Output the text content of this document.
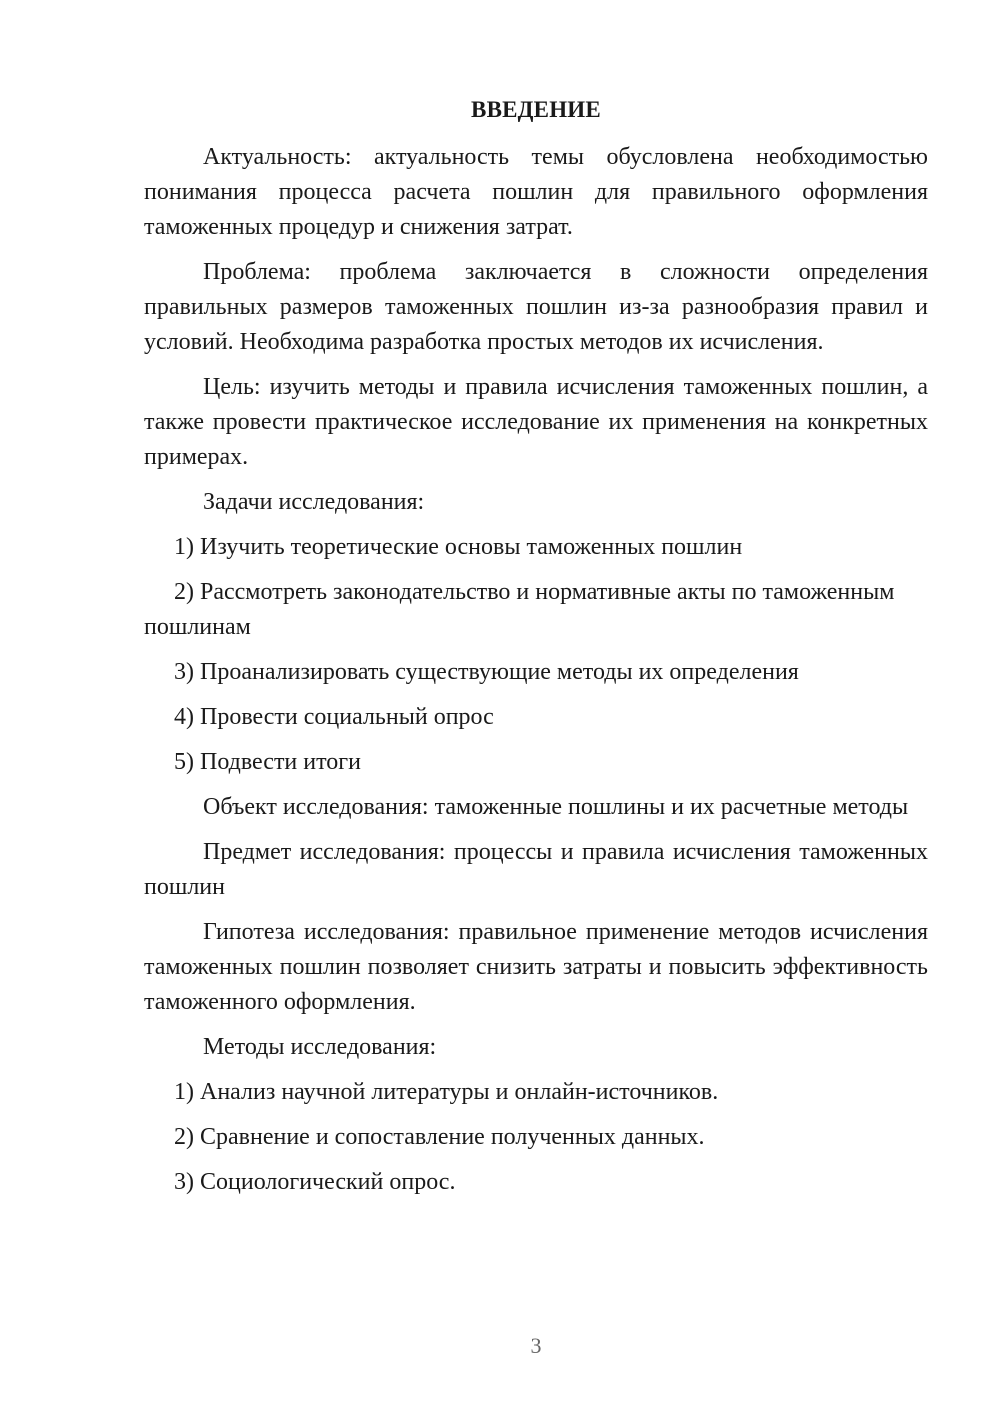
ВВЕДЕНИЕ

Актуальность: актуальность темы обусловлена необходимостью понимания процесса расчета пошлин для правильного оформления таможенных процедур и снижения затрат.

Проблема: проблема заключается в сложности определения правильных размеров таможенных пошлин из-за разнообразия правил и условий. Необходима разработка простых методов их исчисления.

Цель: изучить методы и правила исчисления таможенных пошлин, а также провести практическое исследование их применения на конкретных примерах.

Задачи исследования:

1) Изучить теоретические основы таможенных пошлин

2) Рассмотреть законодательство и нормативные акты по таможенным пошлинам

3) Проанализировать существующие методы их определения

4) Провести социальный опрос

5) Подвести итоги

Объект исследования: таможенные пошлины и их расчетные методы

Предмет исследования: процессы и правила исчисления таможенных пошлин

Гипотеза исследования: правильное применение методов исчисления таможенных пошлин позволяет снизить затраты и повысить эффективность таможенного оформления.

Методы исследования:

1) Анализ научной литературы и онлайн-источников.

2) Сравнение и сопоставление полученных данных.

3) Социологический опрос.

3
